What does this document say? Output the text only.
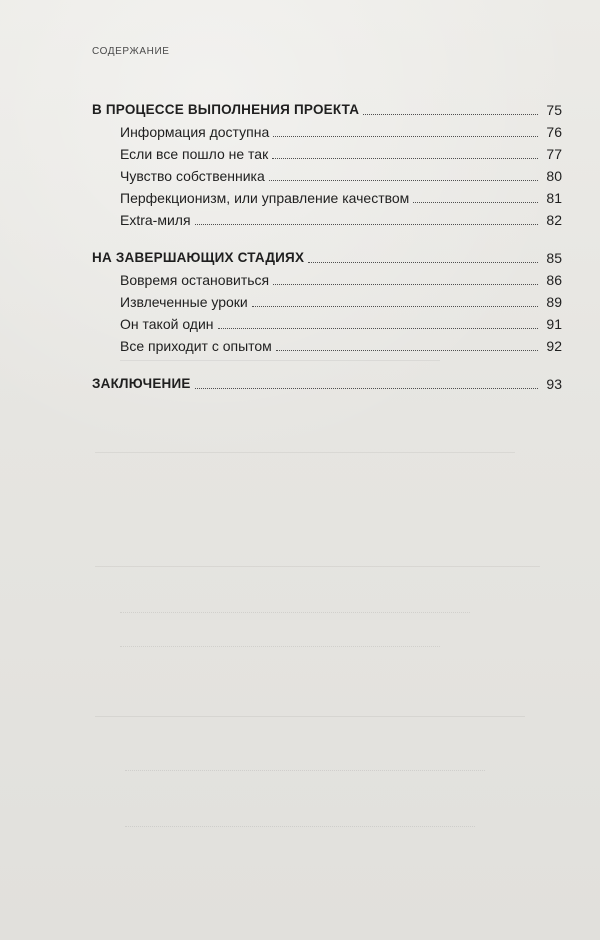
СОДЕРЖАНИЕ
В ПРОЦЕССЕ ВЫПОЛНЕНИЯ ПРОЕКТА	75
Информация доступна	76
Если все пошло не так	77
Чувство собственника	80
Перфекционизм, или управление качеством	81
Extra-миля	82
НА ЗАВЕРШАЮЩИХ СТАДИЯХ	85
Вовремя остановиться	86
Извлеченные уроки	89
Он такой один	91
Все приходит с опытом	92
ЗАКЛЮЧЕНИЕ	93
